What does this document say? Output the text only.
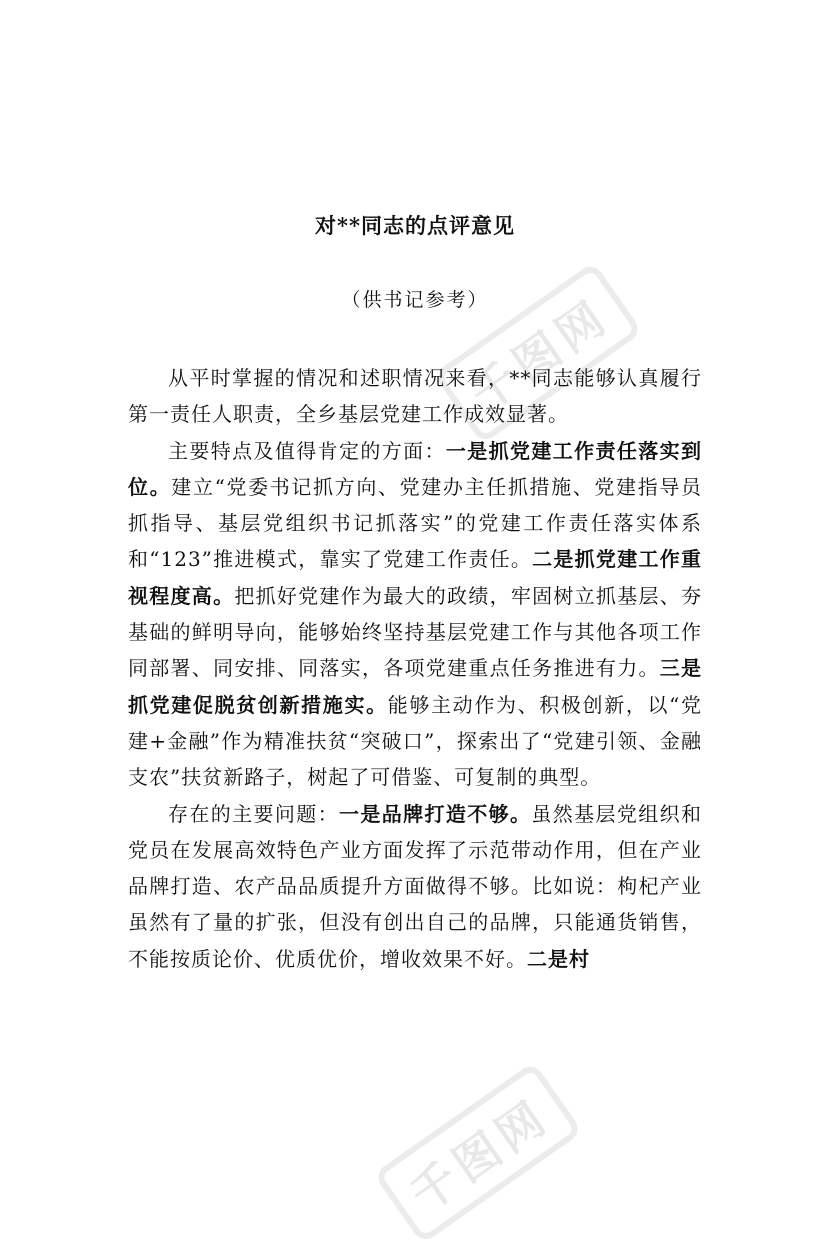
千图网
千图网
对**同志的点评意见
（供书记参考）

从平时掌握的情况和述职情况来看，**同志能够认真履行第一责任人职责，全乡基层党建工作成效显著。

主要特点及值得肯定的方面：一是抓党建工作责任落实到位。建立“党委书记抓方向、党建办主任抓措施、党建指导员抓指导、基层党组织书记抓落实”的党建工作责任落实体系和“123”推进模式，靠实了党建工作责任。二是抓党建工作重视程度高。把抓好党建作为最大的政绩，牢固树立抓基层、夯基础的鲜明导向，能够始终坚持基层党建工作与其他各项工作同部署、同安排、同落实，各项党建重点任务推进有力。三是抓党建促脱贫创新措施实。能够主动作为、积极创新，以“党建+金融”作为精准扶贫“突破口”，探索出了“党建引领、金融支农”扶贫新路子，树起了可借鉴、可复制的典型。

存在的主要问题：一是品牌打造不够。虽然基层党组织和党员在发展高效特色产业方面发挥了示范带动作用，但在产业品牌打造、农产品品质提升方面做得不够。比如说：枸杞产业虽然有了量的扩张，但没有创出自己的品牌，只能通货销售，不能按质论价、优质优价，增收效果不好。二是村
